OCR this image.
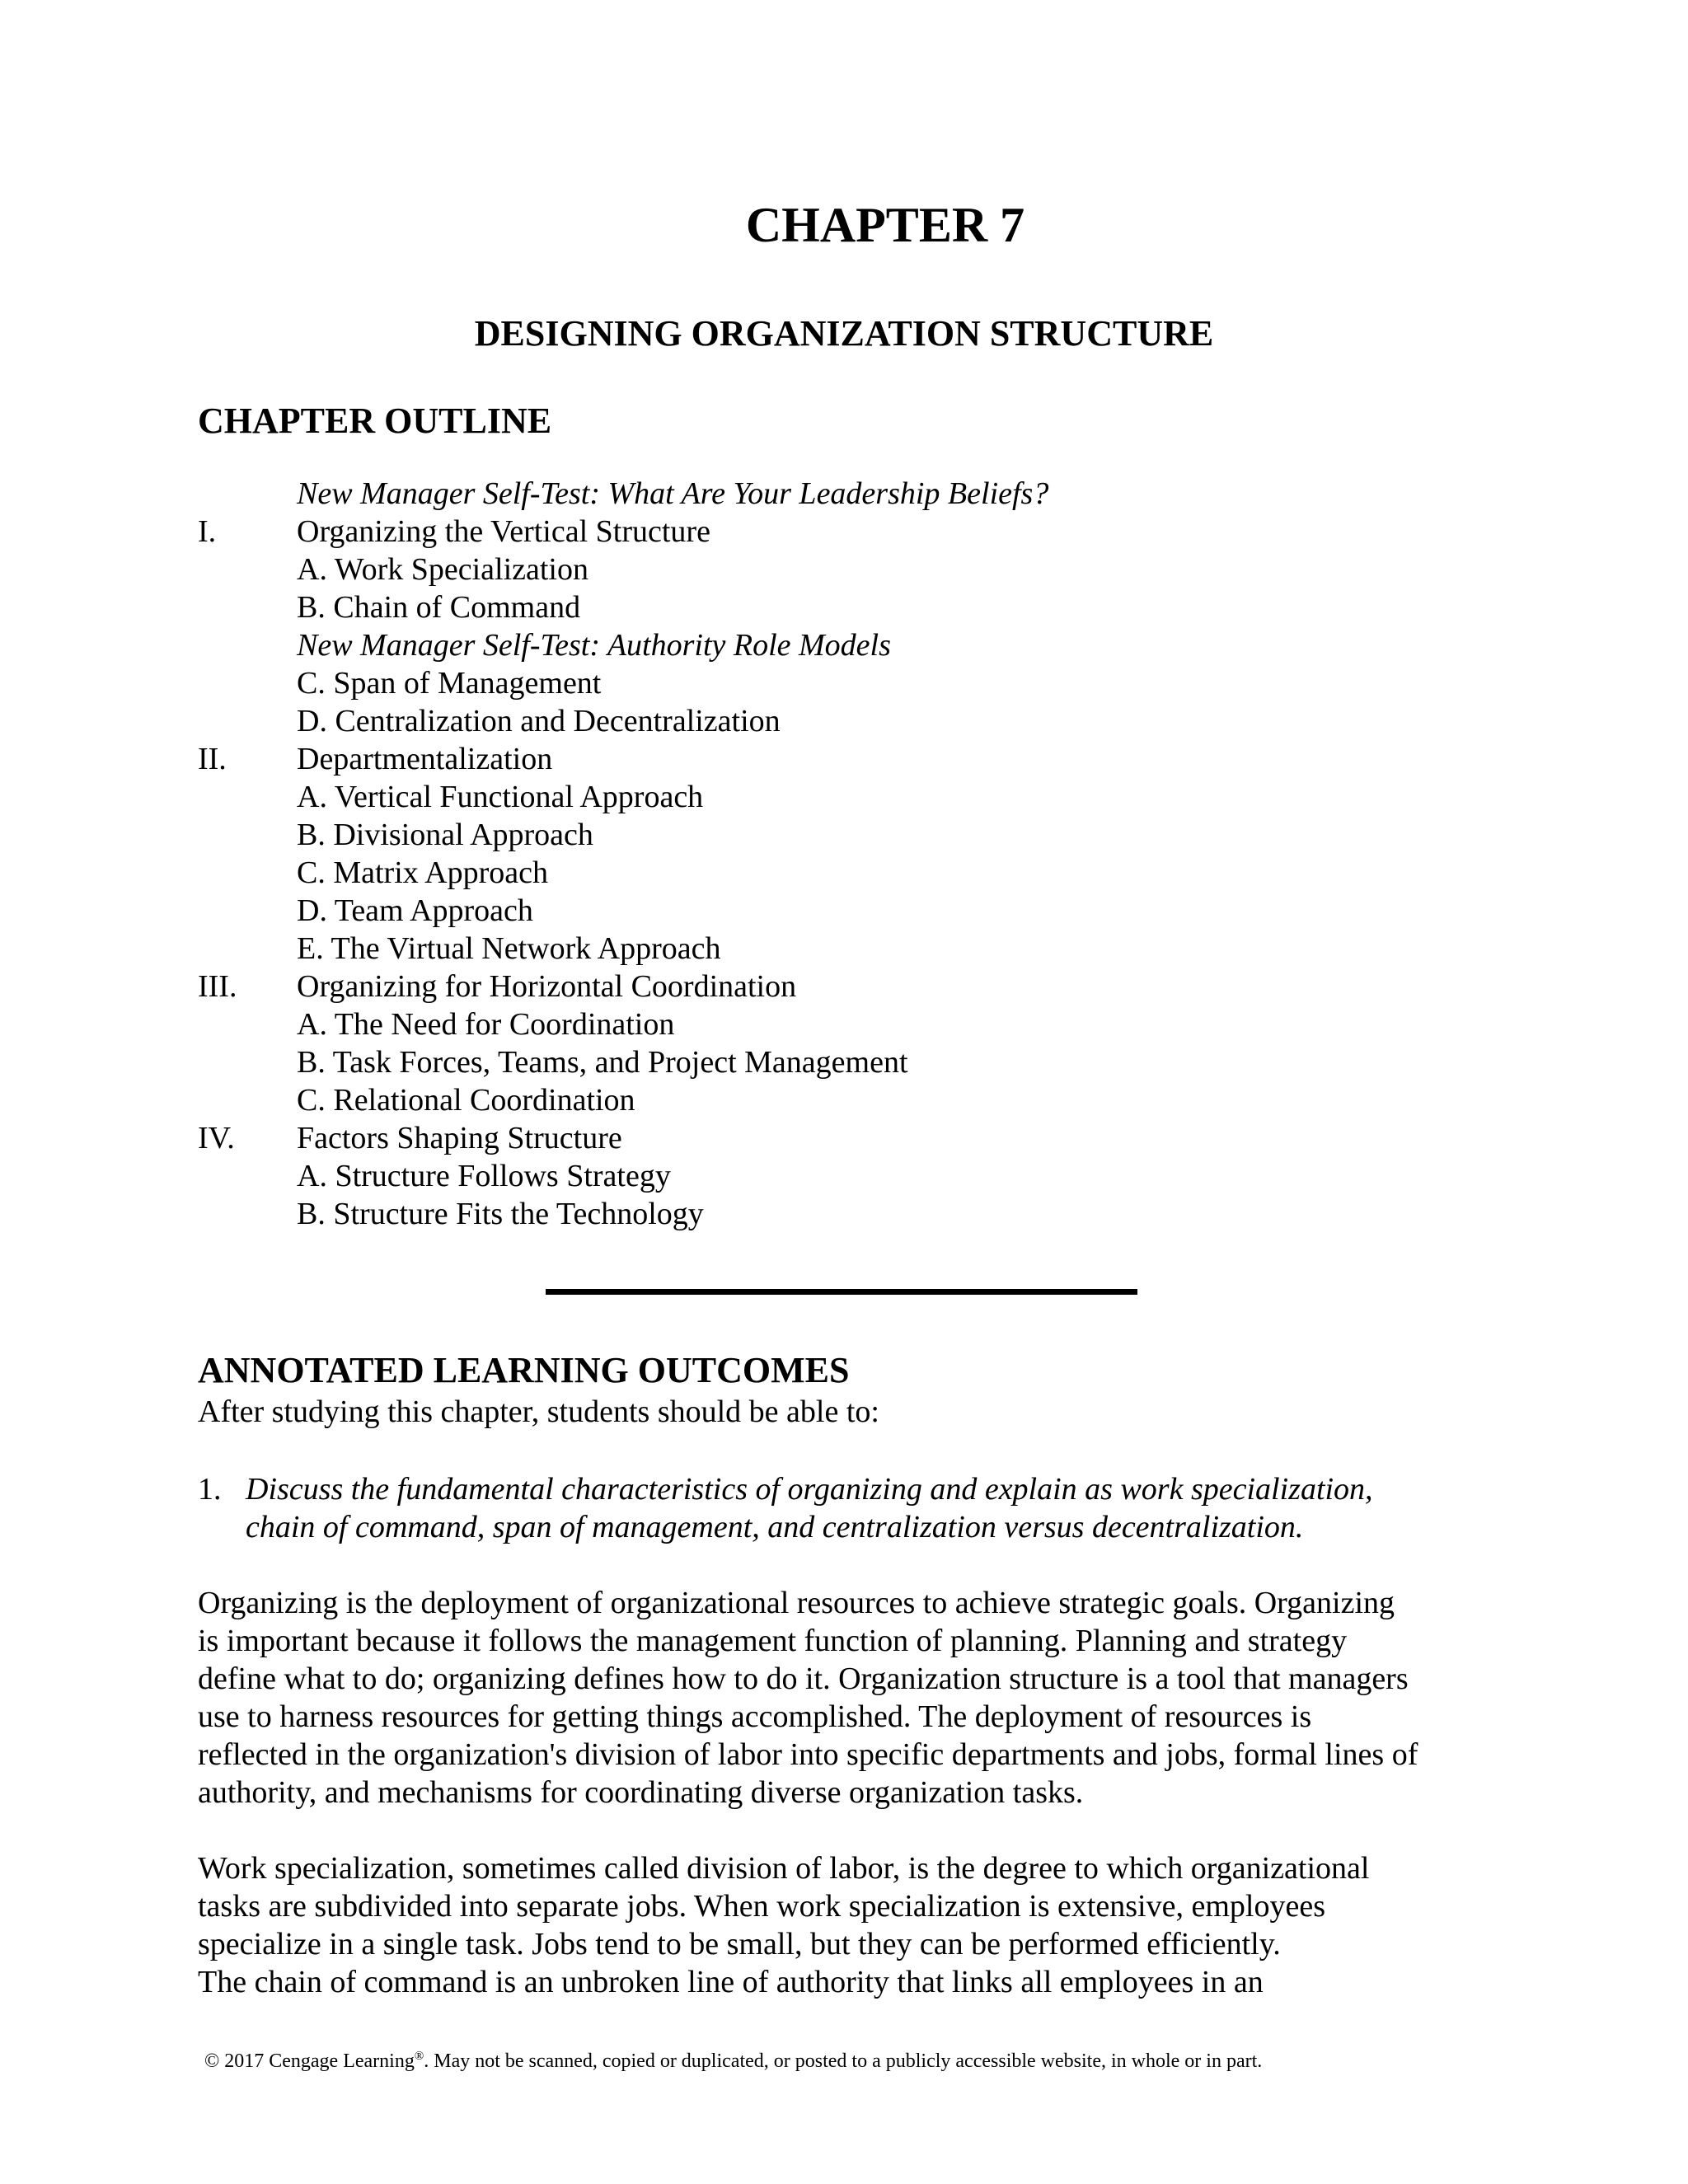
CHAPTER 7
DESIGNING ORGANIZATION STRUCTURE
CHAPTER OUTLINE
New Manager Self-Test: What Are Your Leadership Beliefs?
I.	Organizing the Vertical Structure
A. Work Specialization
B. Chain of Command
New Manager Self-Test: Authority Role Models
C. Span of Management
D. Centralization and Decentralization
II. Departmentalization
A. Vertical Functional Approach
B. Divisional Approach
C. Matrix Approach
D. Team Approach
E. The Virtual Network Approach
III. Organizing for Horizontal Coordination
A. The Need for Coordination
B. Task Forces, Teams, and Project Management
C. Relational Coordination
IV. Factors Shaping Structure
A. Structure Follows Strategy
B. Structure Fits the Technology
ANNOTATED LEARNING OUTCOMES
After studying this chapter, students should be able to:
1. Discuss the fundamental characteristics of organizing and explain as work specialization,
chain of command, span of management, and centralization versus decentralization.
Organizing is the deployment of organizational resources to achieve strategic goals. Organizing
is important because it follows the management function of planning. Planning and strategy
define what to do; organizing defines how to do it. Organization structure is a tool that managers
use to harness resources for getting things accomplished. The deployment of resources is
reflected in the organization's division of labor into specific departments and jobs, formal lines of
authority, and mechanisms for coordinating diverse organization tasks.
Work specialization, sometimes called division of labor, is the degree to which organizational
tasks are subdivided into separate jobs. When work specialization is extensive, employees
specialize in a single task. Jobs tend to be small, but they can be performed efficiently.
The chain of command is an unbroken line of authority that links all employees in an
© 2017 Cengage Learning®. May not be scanned, copied or duplicated, or posted to a publicly accessible website, in whole or in part.
